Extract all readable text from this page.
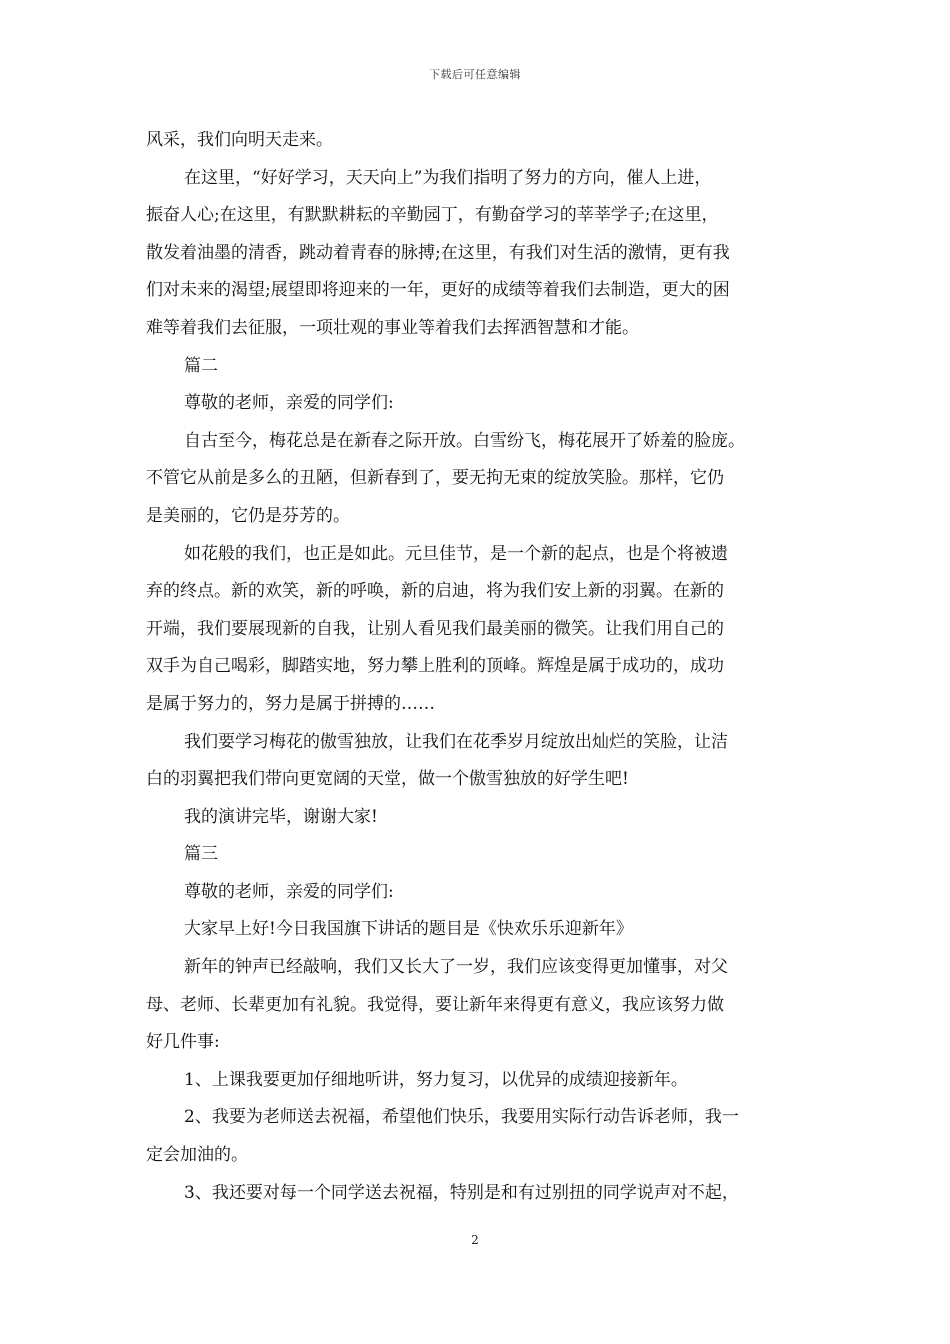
下载后可任意编辑
风采，我们向明天走来。
在这里，“好好学习，天天向上”为我们指明了努力的方向，催人上进，
振奋人心;在这里，有默默耕耘的辛勤园丁，有勤奋学习的莘莘学子;在这里，
散发着油墨的清香，跳动着青春的脉搏;在这里，有我们对生活的激情，更有我
们对未来的渴望;展望即将迎来的一年，更好的成绩等着我们去制造，更大的困
难等着我们去征服，一项壮观的事业等着我们去挥洒智慧和才能。
篇二
尊敬的老师，亲爱的同学们:
自古至今，梅花总是在新春之际开放。白雪纷飞，梅花展开了娇羞的脸庞。
不管它从前是多么的丑陋，但新春到了，要无拘无束的绽放笑脸。那样，它仍
是美丽的，它仍是芬芳的。
如花般的我们，也正是如此。元旦佳节，是一个新的起点，也是个将被遗
弃的终点。新的欢笑，新的呼唤，新的启迪，将为我们安上新的羽翼。在新的
开端，我们要展现新的自我，让别人看见我们最美丽的微笑。让我们用自己的
双手为自己喝彩，脚踏实地，努力攀上胜利的顶峰。辉煌是属于成功的，成功
是属于努力的，努力是属于拼搏的……
我们要学习梅花的傲雪独放，让我们在花季岁月绽放出灿烂的笑脸，让洁
白的羽翼把我们带向更宽阔的天堂，做一个傲雪独放的好学生吧!
我的演讲完毕，谢谢大家!
篇三
尊敬的老师，亲爱的同学们:
大家早上好!今日我国旗下讲话的题目是《快欢乐乐迎新年》
新年的钟声已经敲响，我们又长大了一岁，我们应该变得更加懂事，对父
母、老师、长辈更加有礼貌。我觉得，要让新年来得更有意义，我应该努力做
好几件事:
1、上课我要更加仔细地听讲，努力复习，以优异的成绩迎接新年。
2、我要为老师送去祝福，希望他们快乐，我要用实际行动告诉老师，我一
定会加油的。
3、我还要对每一个同学送去祝福，特别是和有过别扭的同学说声对不起，
2
